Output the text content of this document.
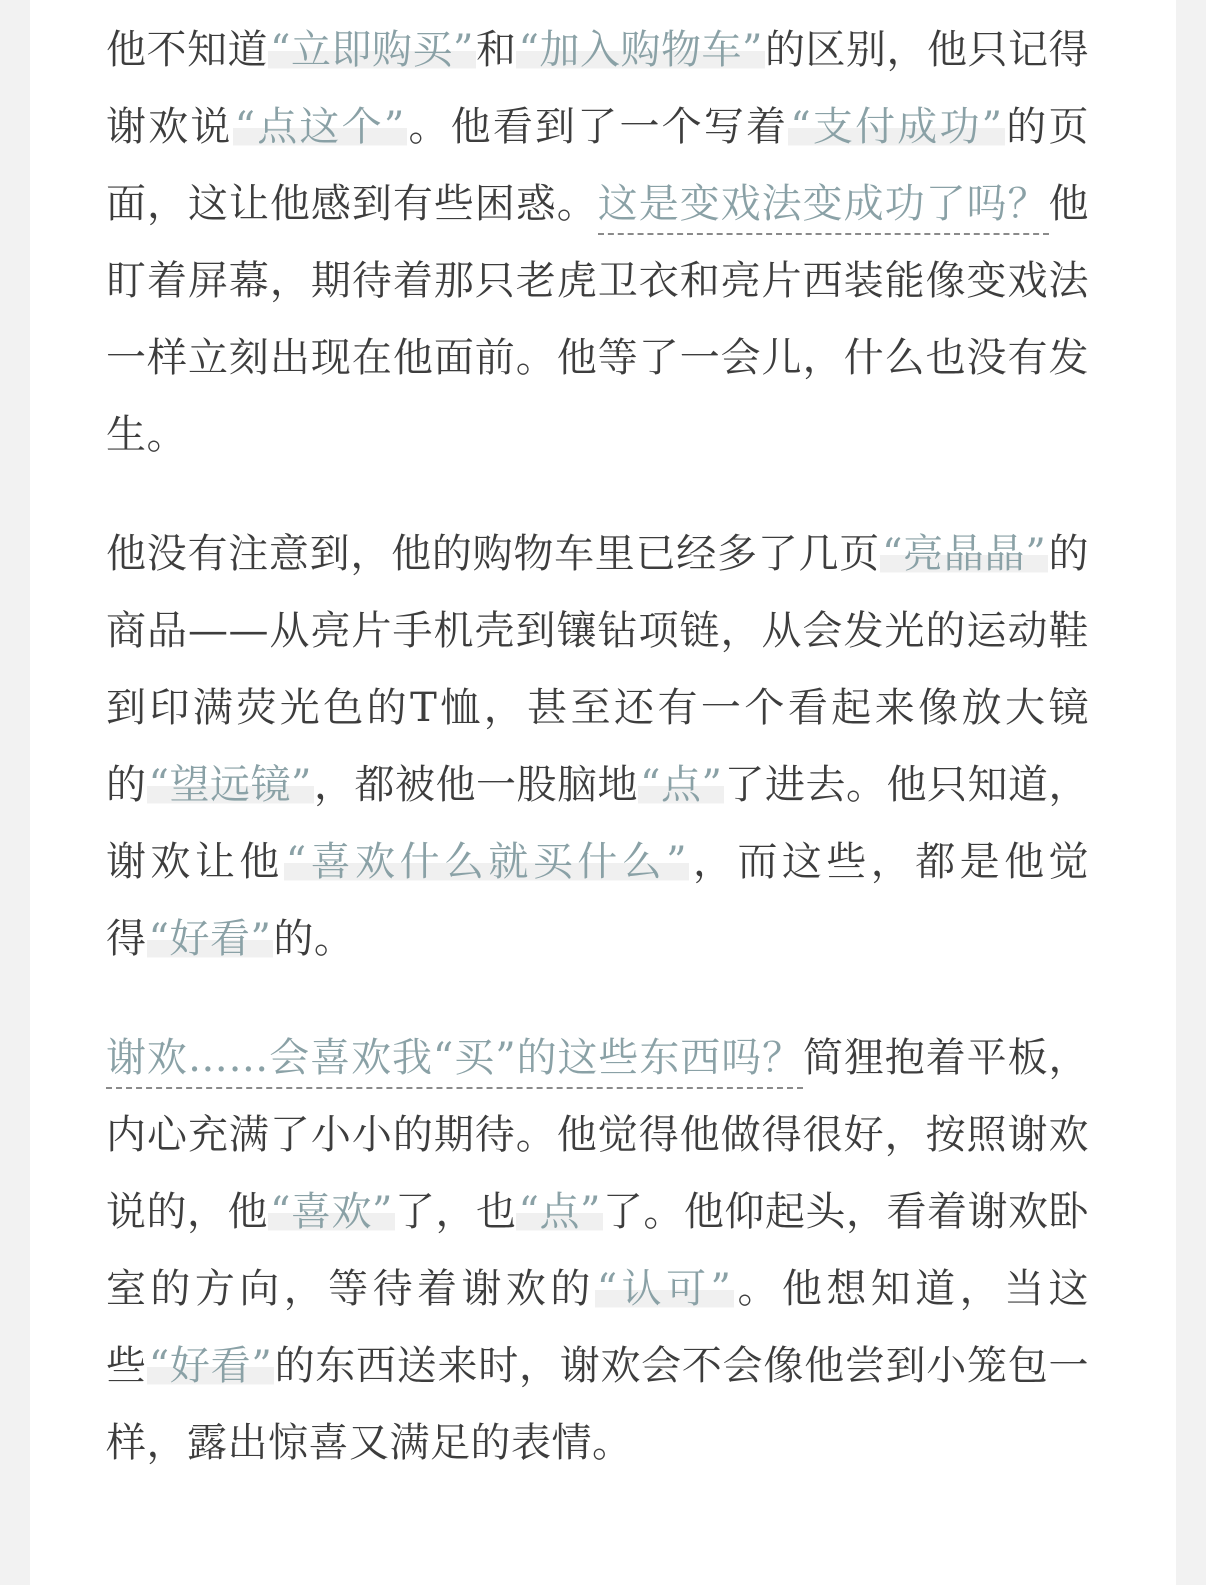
他不知道“立即购买”和“加入购物车”的区别，他只记得谢欢说“点这个”。他看到了一个写着“支付成功”的页面，这让他感到有些困惑。这是变戏法变成功了吗？他盯着屏幕，期待着那只老虎卫衣和亮片西装能像变戏法一样立刻出现在他面前。他等了一会儿，什么也没有发生。

他没有注意到，他的购物车里已经多了几页“亮晶晶”的商品——从亮片手机壳到镶钻项链，从会发光的运动鞋到印满荧光色的T恤，甚至还有一个看起来像放大镜的“望远镜”，都被他一股脑地“点”了进去。他只知道，谢欢让他“喜欢什么就买什么”，而这些，都是他觉得“好看”的。

谢欢……会喜欢我“买”的这些东西吗？简狸抱着平板，内心充满了小小的期待。他觉得他做得很好，按照谢欢说的，他“喜欢”了，也“点”了。他仰起头，看着谢欢卧室的方向，等待着谢欢的“认可”。他想知道，当这些“好看”的东西送来时，谢欢会不会像他尝到小笼包一样，露出惊喜又满足的表情。
